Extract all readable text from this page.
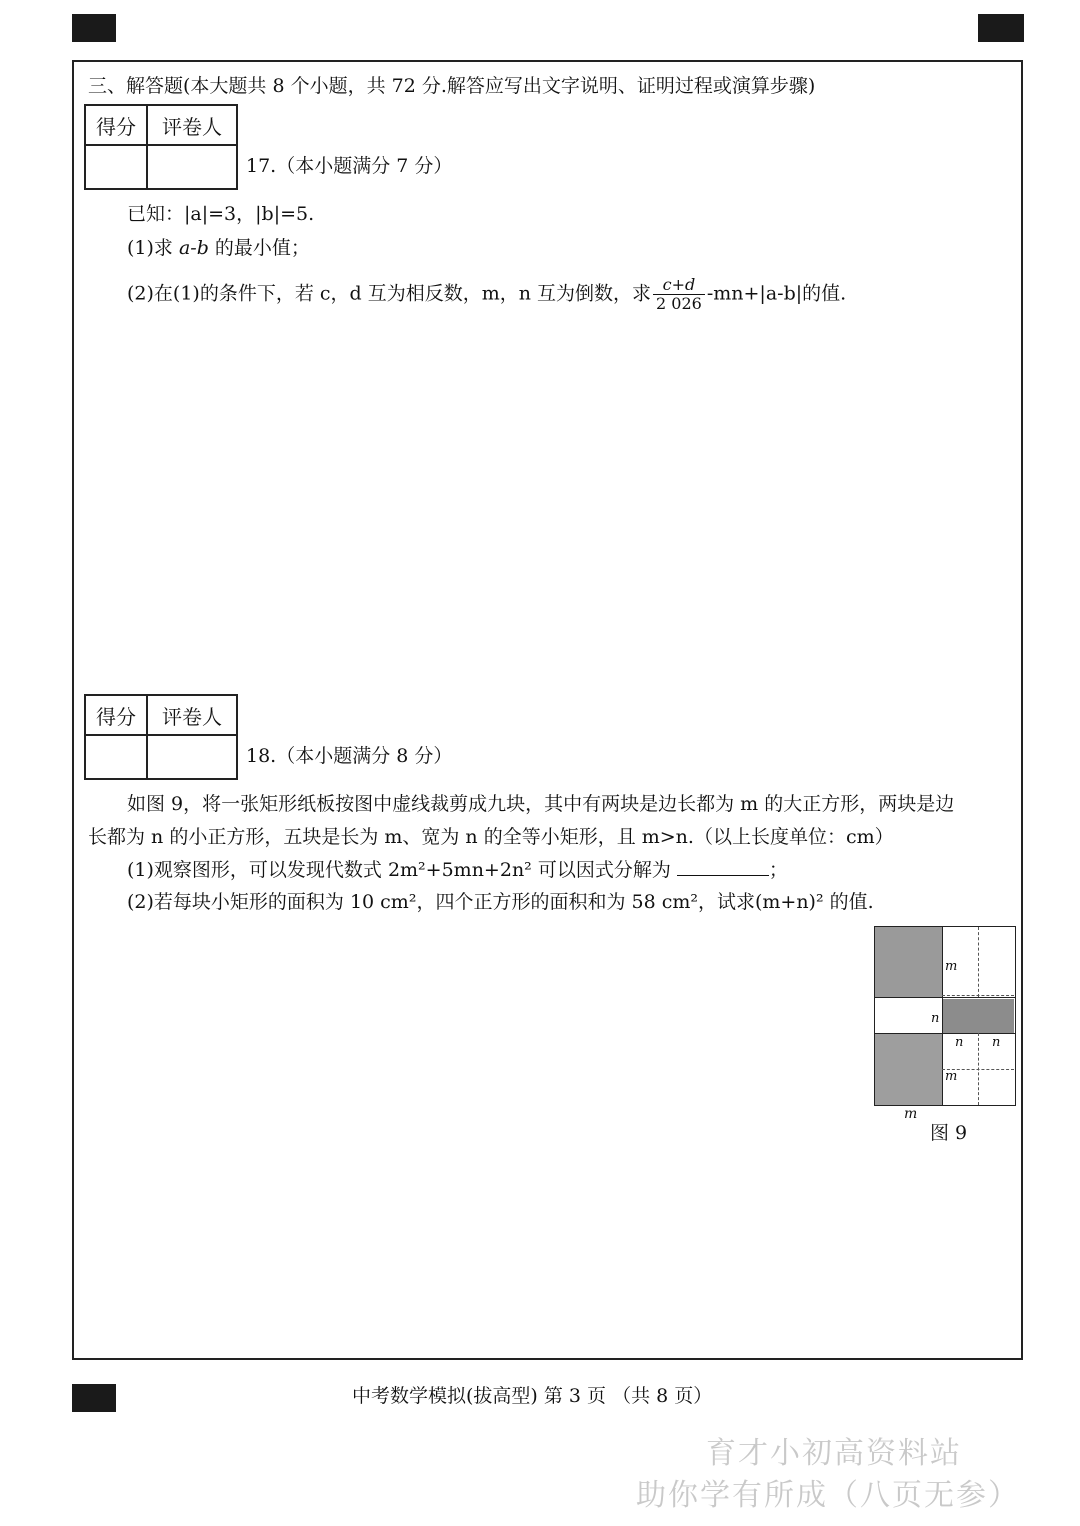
三、解答题(本大题共 8 个小题，共 72 分.解答应写出文字说明、证明过程或演算步骤)
得分	评卷人

17.（本小题满分 7 分）
已知：|a|=3，|b|=5.
(1)求 a-b 的最小值；
(2)在(1)的条件下，若 c，d 互为相反数，m，n 互为倒数，求 $\frac{c+d}{2 026} -mn+|a-b|$的值.
得分	评卷人

18.（本小题满分 8 分）
如图 9，将一张矩形纸板按图中虚线裁剪成九块，其中有两块是边长都为 m 的大正方形，两块是边
长都为 n 的小正方形，五块是长为 m、宽为 n 的全等小矩形，且 m>n.（以上长度单位：cm）
(1)观察图形，可以发现代数式 2m²+5mn+2n² 可以因式分解为	；
(2)若每块小矩形的面积为 10 cm²，四个正方形的面积和为 58 cm²，试求(m+n)² 的值.
m
n
n n
m
m
图 9
中考数学模拟(拔高型) 第 3 页 （共 8 页）
育才小初高资料站
助你学有所成（八页无参）
